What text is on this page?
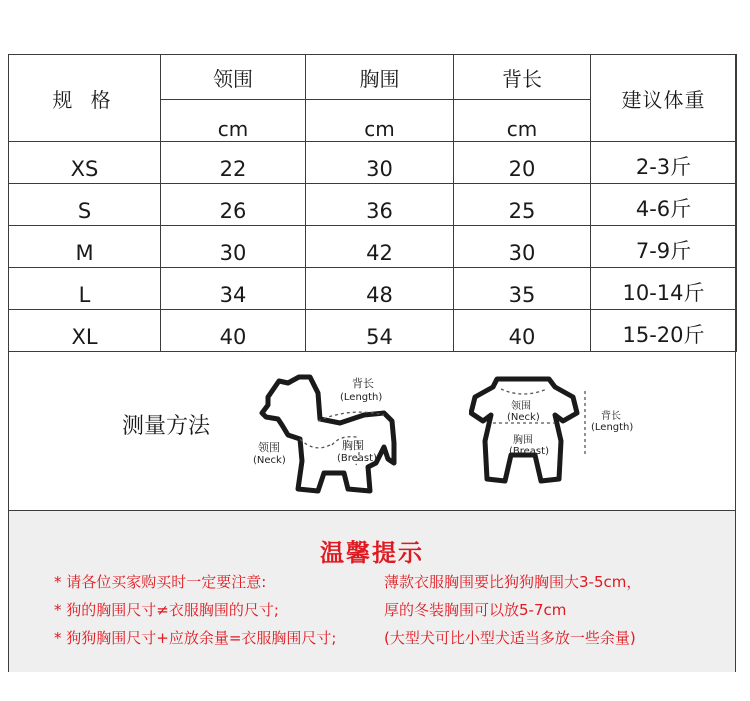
规 格	领围	胸围	背长	建议体重
	cm	cm	cm	
XS	22	30	20	2-3斤
S	26	36	25	4-6斤
M	30	42	30	7-9斤
L	34	48	35	10-14斤
XL	40	54	40	15-20斤
测量方法
背长
(Length)
领围
(Neck)
胸围
(Breast)
领围
(Neck)
胸围
(Breast)
背长
(Length)
温馨提示
* 请各位买家购买时一定要注意:
* 狗的胸围尺寸≠衣服胸围的尺寸;
* 狗狗胸围尺寸+应放余量=衣服胸围尺寸;
薄款衣服胸围要比狗狗胸围大3-5cm，
厚的冬装胸围可以放5-7cm
(大型犬可比小型犬适当多放一些余量)
